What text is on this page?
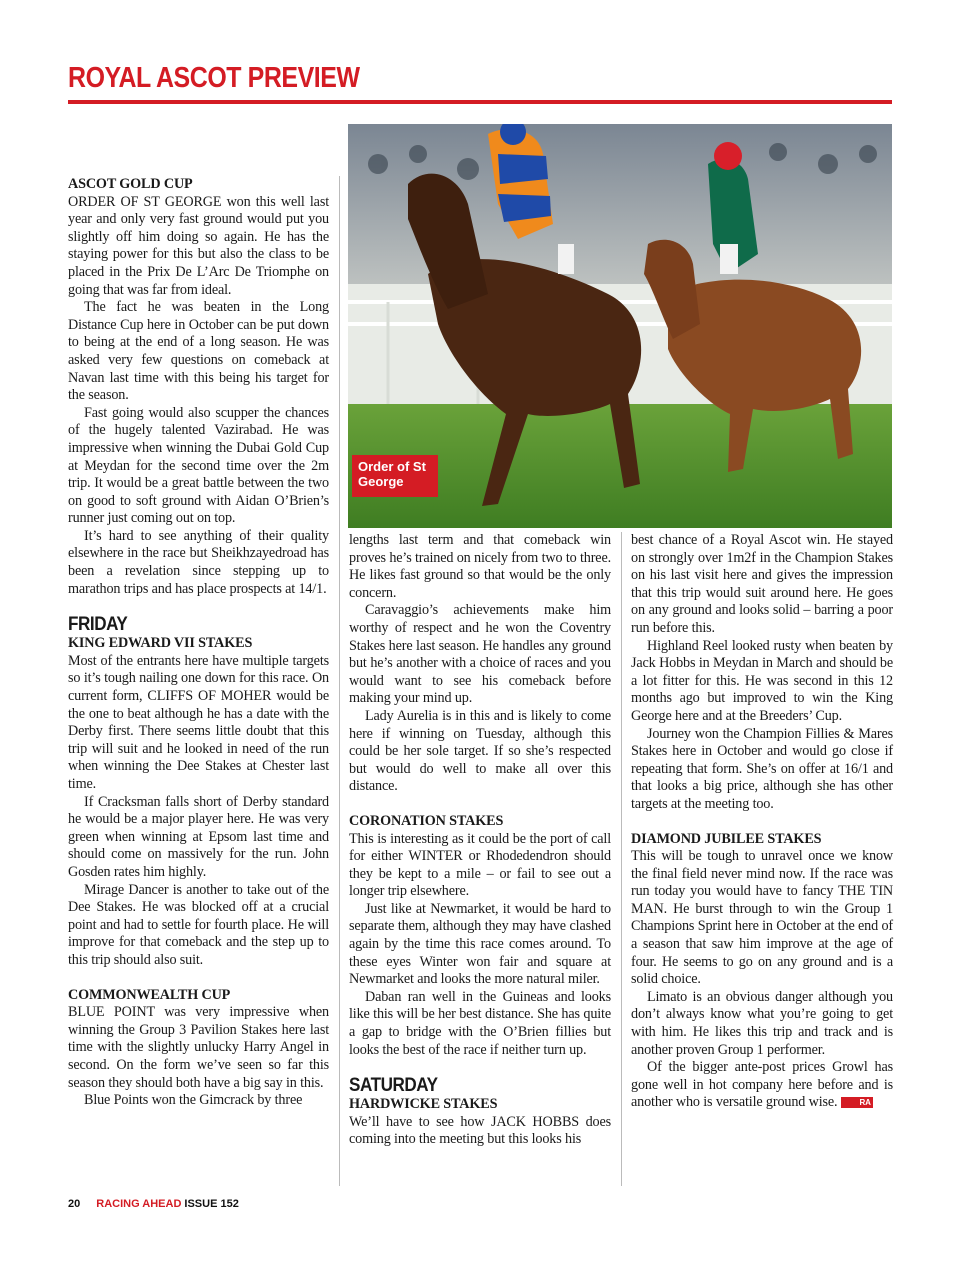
ROYAL ASCOT PREVIEW
Order of St George
ASCOT GOLD CUP

ORDER OF ST GEORGE won this well last year and only very fast ground would put you slightly off him doing so again. He has the staying power for this but also the class to be placed in the Prix De L’Arc De Triomphe on going that was far from ideal.

The fact he was beaten in the Long Distance Cup here in October can be put down to being at the end of a long season. He was asked very few questions on comeback at Navan last time with this being his target for the season.

Fast going would also scupper the chances of the hugely talented Vazirabad. He was impressive when winning the Dubai Gold Cup at Meydan for the second time over the 2m trip. It would be a great battle between the two on good to soft ground with Aidan O’Brien’s runner just coming out on top.

It’s hard to see anything of their quality elsewhere in the race but Sheikhzayedroad has been a revelation since stepping up to marathon trips and has place prospects at 14/1.

FRIDAY
KING EDWARD VII STAKES

Most of the entrants here have multiple targets so it’s tough nailing one down for this race. On current form, CLIFFS OF MOHER would be the one to beat although he has a date with the Derby first. There seems little doubt that this trip will suit and he looked in need of the run when winning the Dee Stakes at Chester last time.

If Cracksman falls short of Derby standard he would be a major player here. He was very green when winning at Epsom last time and should come on massively for the run. John Gosden rates him highly.

Mirage Dancer is another to take out of the Dee Stakes. He was blocked off at a crucial point and had to settle for fourth place. He will improve for that comeback and the step up to this trip should also suit.

COMMONWEALTH CUP

BLUE POINT was very impressive when winning the Group 3 Pavilion Stakes here last time with the slightly unlucky Harry Angel in second. On the form we’ve seen so far this season they should both have a big say in this.

Blue Points won the Gimcrack by three

lengths last term and that comeback win proves he’s trained on nicely from two to three. He likes fast ground so that would be the only concern.

Caravaggio’s achievements make him worthy of respect and he won the Coventry Stakes here last season. He handles any ground but he’s another with a choice of races and you would want to see his comeback before making your mind up.

Lady Aurelia is in this and is likely to come here if winning on Tuesday, although this could be her sole target. If so she’s respected but would do well to make all over this distance.

CORONATION STAKES

This is interesting as it could be the port of call for either WINTER or Rhodedendron should they be kept to a mile – or fail to see out a longer trip elsewhere.

Just like at Newmarket, it would be hard to separate them, although they may have clashed again by the time this race comes around. To these eyes Winter won fair and square at Newmarket and looks the more natural miler.

Daban ran well in the Guineas and looks like this will be her best distance. She has quite a gap to bridge with the O’Brien fillies but looks the best of the race if neither turn up.

SATURDAY
HARDWICKE STAKES

We’ll have to see how JACK HOBBS does coming into the meeting but this looks his

best chance of a Royal Ascot win. He stayed on strongly over 1m2f in the Champion Stakes on his last visit here and gives the impression that this trip would suit around here. He goes on any ground and looks solid – barring a poor run before this.

Highland Reel looked rusty when beaten by Jack Hobbs in Meydan in March and should be a lot fitter for this. He was second in this 12 months ago but improved to win the King George here and at the Breeders’ Cup.

Journey won the Champion Fillies & Mares Stakes here in October and would go close if repeating that form. She’s on offer at 16/1 and that looks a big price, although she has other targets at the meeting too.

DIAMOND JUBILEE STAKES

This will be tough to unravel once we know the final field never mind now. If the race was run today you would have to fancy THE TIN MAN. He burst through to win the Group 1 Champions Sprint here in October at the end of a season that saw him improve at the age of four. He seems to go on any ground and is a solid choice.

Limato is an obvious danger although you don’t always know what you’re going to get with him. He likes this trip and track and is another proven Group 1 performer.

Of the bigger ante-post prices Growl has gone well in hot company here before and is another who is versatile ground wise.	RA

20 RACING AHEAD ISSUE 152
